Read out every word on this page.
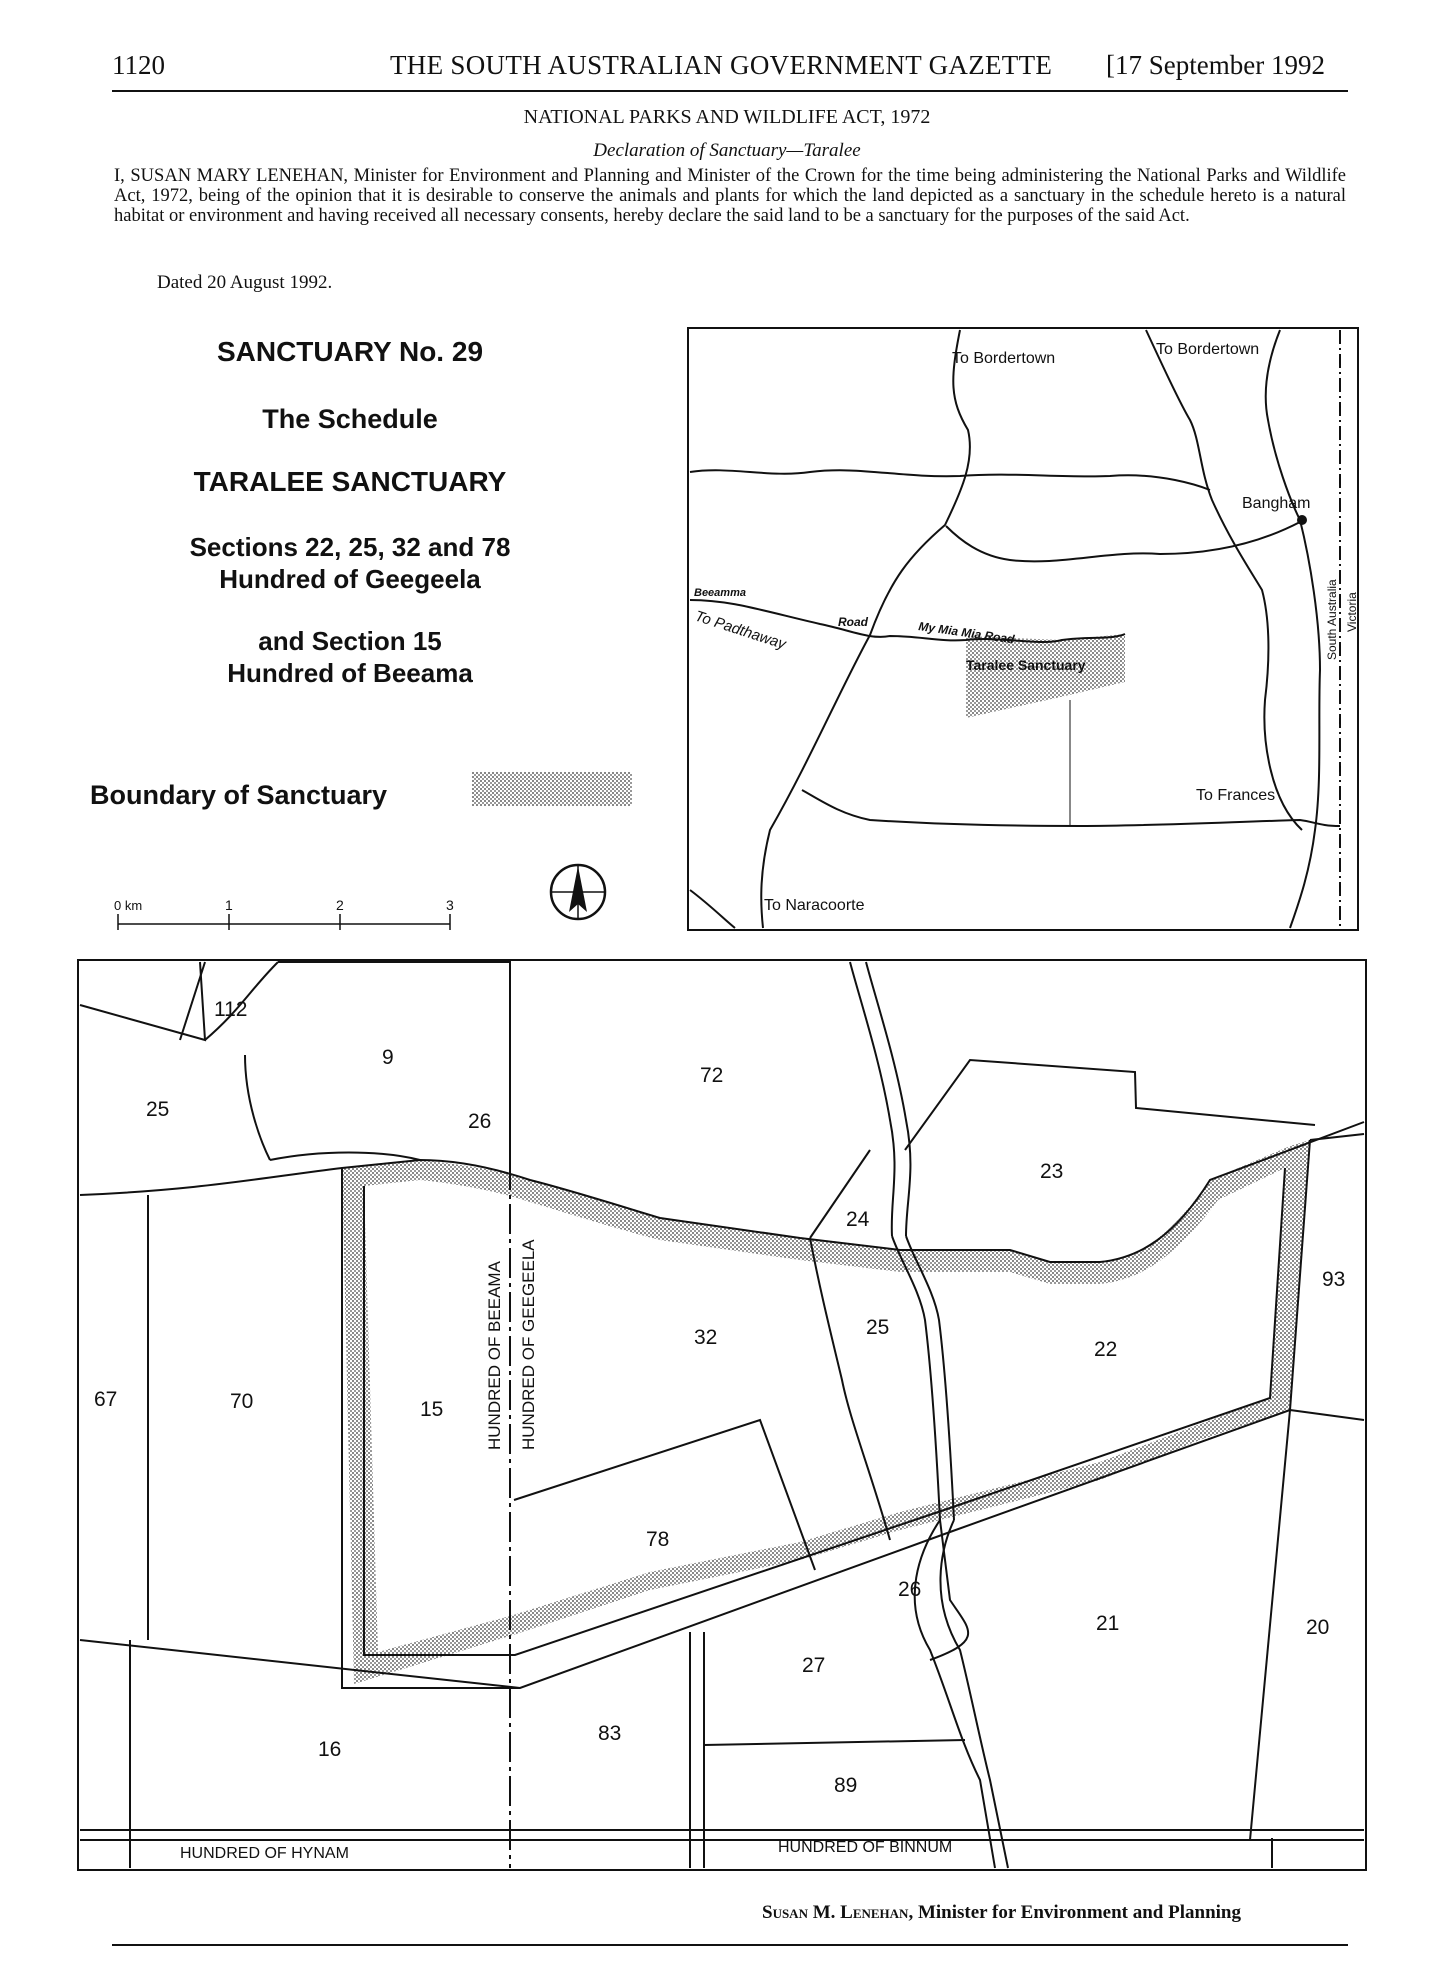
1120	THE SOUTH AUSTRALIAN GOVERNMENT GAZETTE [17 September 1992
NATIONAL PARKS AND WILDLIFE ACT, 1972
Declaration of Sanctuary—Taralee
I, SUSAN MARY LENEHAN, Minister for Environment and Planning and Minister of the Crown for the time being administering the National Parks and Wildlife Act, 1972, being of the opinion that it is desirable to conserve the animals and plants for which the land depicted as a sanctuary in the schedule hereto is a natural habitat or environment and having received all necessary consents, hereby declare the said land to be a sanctuary for the purposes of the said Act.
Dated 20 August 1992.
SANCTUARY No. 29
The Schedule
TARALEE SANCTUARY
Sections 22, 25, 32 and 78
Hundred of Geegeela
and Section 15
Hundred of Beeama
Boundary of Sanctuary
0 km	1	2	3
To Bordertown
To Bordertown
Bangham
Beeamma
To Padthaway	Road	My Mia Mia Road
Taralee Sanctuary
South Australia Victoria
To Frances
To Naracoorte
112
9
72
25
26
23
24
93
32	25
22
67	70	15
78
26
21	20
27
16
83
89
HUNDRED OF BEEAMA HUNDRED OF GEEGEELA
HUNDRED OF HYNAM	HUNDRED OF BINNUM
Susan M. Lenehan, Minister for Environment and Planning
